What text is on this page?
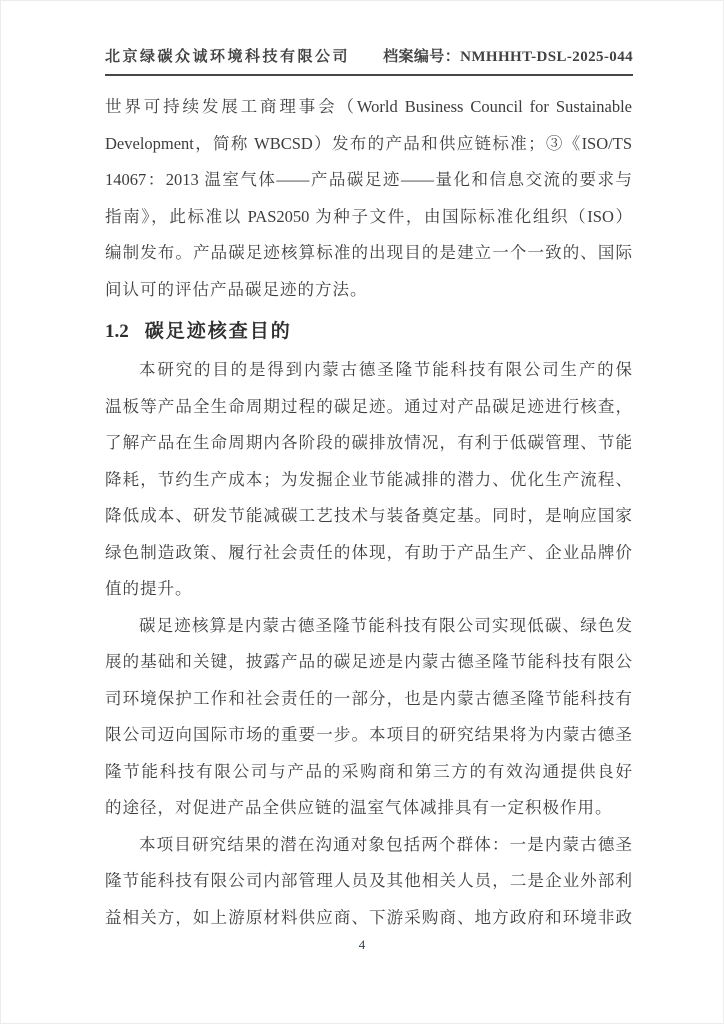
北京绿碳众诚环境科技有限公司 档案编号：NMHHHT-DSL-2025-044
世界可持续发展工商理事会（World Business Council for Sustainable
Development，简称 WBCSD）发布的产品和供应链标准；③《ISO/TS
14067：2013 温室气体——产品碳足迹——量化和信息交流的要求与
指南》，此标准以 PAS2050 为种子文件，由国际标准化组织（ISO）
编制发布。产品碳足迹核算标准的出现目的是建立一个一致的、国际
间认可的评估产品碳足迹的方法。
1.2 碳足迹核查目的
本研究的目的是得到内蒙古德圣隆节能科技有限公司生产的保
温板等产品全生命周期过程的碳足迹。通过对产品碳足迹进行核查，
了解产品在生命周期内各阶段的碳排放情况，有利于低碳管理、节能
降耗，节约生产成本；为发掘企业节能减排的潜力、优化生产流程、
降低成本、研发节能减碳工艺技术与装备奠定基。同时，是响应国家
绿色制造政策、履行社会责任的体现，有助于产品生产、企业品牌价
值的提升。
碳足迹核算是内蒙古德圣隆节能科技有限公司实现低碳、绿色发
展的基础和关键，披露产品的碳足迹是内蒙古德圣隆节能科技有限公
司环境保护工作和社会责任的一部分，也是内蒙古德圣隆节能科技有
限公司迈向国际市场的重要一步。本项目的研究结果将为内蒙古德圣
隆节能科技有限公司与产品的采购商和第三方的有效沟通提供良好
的途径，对促进产品全供应链的温室气体减排具有一定积极作用。
本项目研究结果的潜在沟通对象包括两个群体：一是内蒙古德圣
隆节能科技有限公司内部管理人员及其他相关人员，二是企业外部利
益相关方，如上游原材料供应商、下游采购商、地方政府和环境非政
4
